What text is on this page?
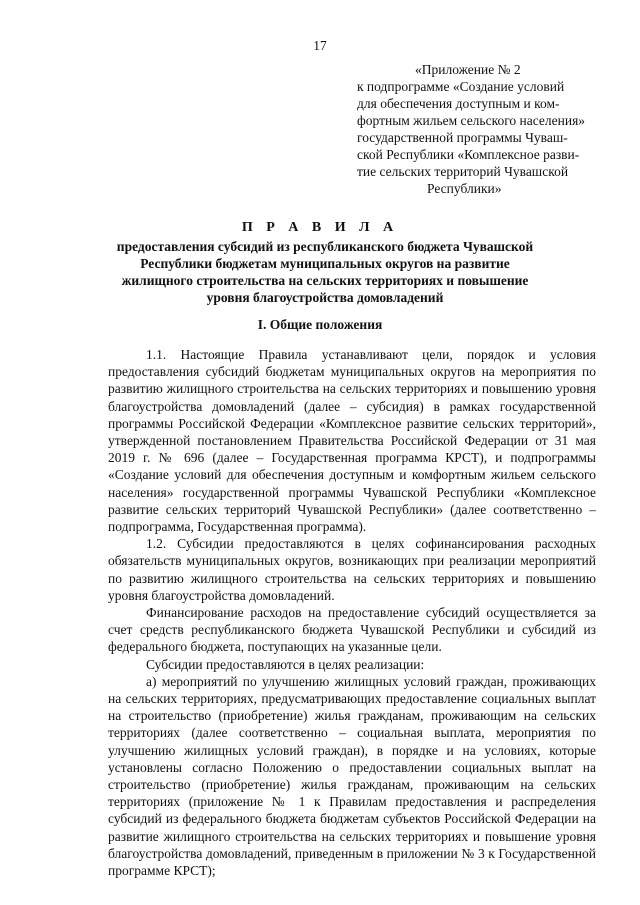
17
«Приложение № 2
к подпрограмме «Создание условий
для обеспечения доступным и ком-
фортным жильем сельского населения»
государственной программы Чуваш-
ской Республики «Комплексное разви-
тие сельских территорий Чувашской
Республики»
П Р А В И Л А
предоставления субсидий из республиканского бюджета Чувашской Республики бюджетам муниципальных округов на развитие жилищного строительства на сельских территориях и повышение уровня благоустройства домовладений
I. Общие положения

1.1. Настоящие Правила устанавливают цели, порядок и условия предоставления субсидий бюджетам муниципальных округов на мероприятия по развитию жилищного строительства на сельских территориях и повышению уровня благоустройства домовладений (далее – субсидия) в рамках государственной программы Российской Федерации «Комплексное развитие сельских территорий», утвержденной постановлением Правительства Российской Федерации от 31 мая 2019 г. № 696 (далее – Государственная программа КРСТ), и подпрограммы «Создание условий для обеспечения доступным и комфортным жильем сельского населения» государственной программы Чувашской Республики «Комплексное развитие сельских территорий Чувашской Республики» (далее соответственно – подпрограмма, Государственная программа).

1.2. Субсидии предоставляются в целях софинансирования расходных обязательств муниципальных округов, возникающих при реализации мероприятий по развитию жилищного строительства на сельских территориях и повышению уровня благоустройства домовладений.

Финансирование расходов на предоставление субсидий осуществляется за счет средств республиканского бюджета Чувашской Республики и субсидий из федерального бюджета, поступающих на указанные цели.

Субсидии предоставляются в целях реализации:

а) мероприятий по улучшению жилищных условий граждан, проживающих на сельских территориях, предусматривающих предоставление социальных выплат на строительство (приобретение) жилья гражданам, проживающим на сельских территориях (далее соответственно – социальная выплата, мероприятия по улучшению жилищных условий граждан), в порядке и на условиях, которые установлены согласно Положению о предоставлении социальных выплат на строительство (приобретение) жилья гражданам, проживающим на сельских территориях (приложение № 1 к Правилам предоставления и распределения субсидий из федерального бюджета бюджетам субъектов Российской Федерации на развитие жилищного строительства на сельских территориях и повышение уровня благоустройства домовладений, приведенным в приложении № 3 к Государственной программе КРСТ);
